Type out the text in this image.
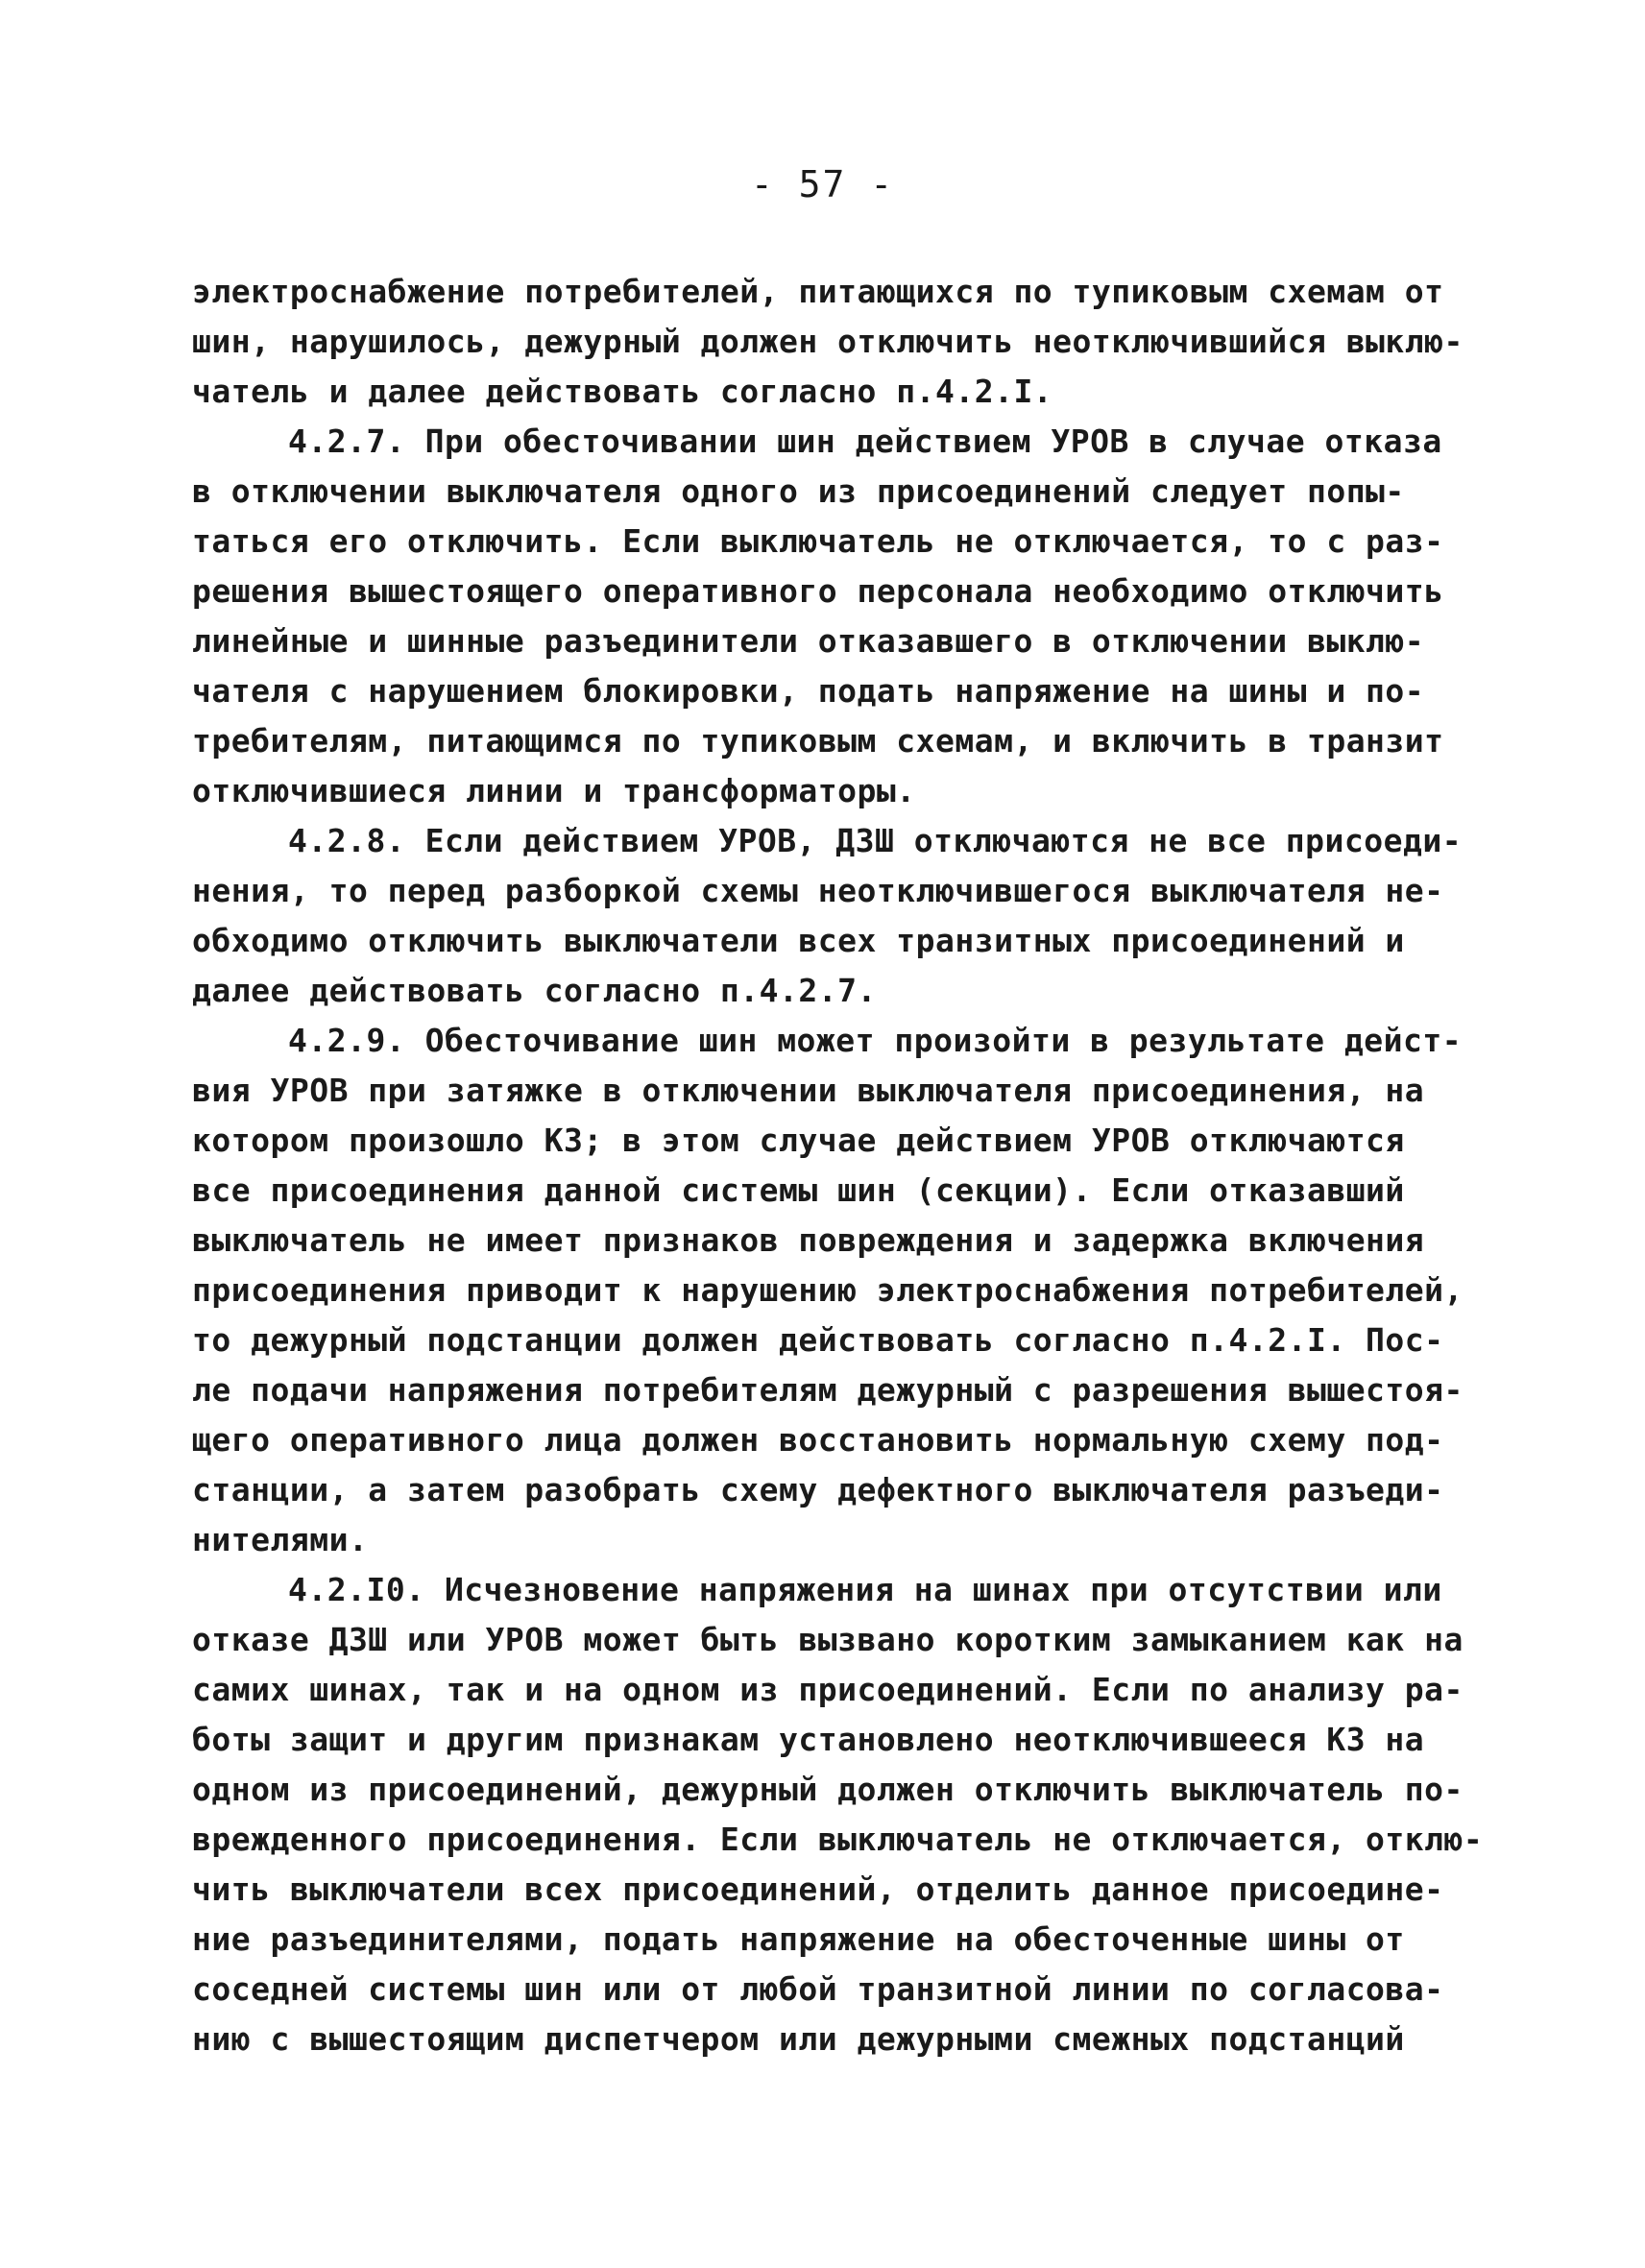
- 57 -
электроснабжение потребителей, питающихся по тупиковым схемам от
шин, нарушилось, дежурный должен отключить неотключившийся выклю-
чатель и далее действовать согласно п.4.2.I.
4.2.7. При обесточивании шин действием УРОВ в случае отказа
в отключении выключателя одного из присоединений следует попы-
таться его отключить. Если выключатель не отключается, то с раз-
решения вышестоящего оперативного персонала необходимо отключить
линейные и шинные разъединители отказавшего в отключении выклю-
чателя с нарушением блокировки, подать напряжение на шины и по-
требителям, питающимся по тупиковым схемам, и включить в транзит
отключившиеся линии и трансформаторы.
4.2.8. Если действием УРОВ, ДЗШ отключаются не все присоеди-
нения, то перед разборкой схемы неотключившегося выключателя не-
обходимо отключить выключатели всех транзитных присоединений и
далее действовать согласно п.4.2.7.
4.2.9. Обесточивание шин может произойти в результате дейст-
вия УРОВ при затяжке в отключении выключателя присоединения, на
котором произошло КЗ; в этом случае действием УРОВ отключаются
все присоединения данной системы шин (секции). Если отказавший
выключатель не имеет признаков повреждения и задержка включения
присоединения приводит к нарушению электроснабжения потребителей,
то дежурный подстанции должен действовать согласно п.4.2.I. Пос-
ле подачи напряжения потребителям дежурный с разрешения вышестоя-
щего оперативного лица должен восстановить нормальную схему под-
станции, а затем разобрать схему дефектного выключателя разъеди-
нителями.
4.2.I0. Исчезновение напряжения на шинах при отсутствии или
отказе ДЗШ или УРОВ может быть вызвано коротким замыканием как на
самих шинах, так и на одном из присоединений. Если по анализу ра-
боты защит и другим признакам установлено неотключившееся КЗ на
одном из присоединений, дежурный должен отключить выключатель по-
врежденного присоединения. Если выключатель не отключается, отклю-
чить выключатели всех присоединений, отделить данное присоедине-
ние разъединителями, подать напряжение на обесточенные шины от
соседней системы шин или от любой транзитной линии по согласова-
нию с вышестоящим диспетчером или дежурными смежных подстанций
